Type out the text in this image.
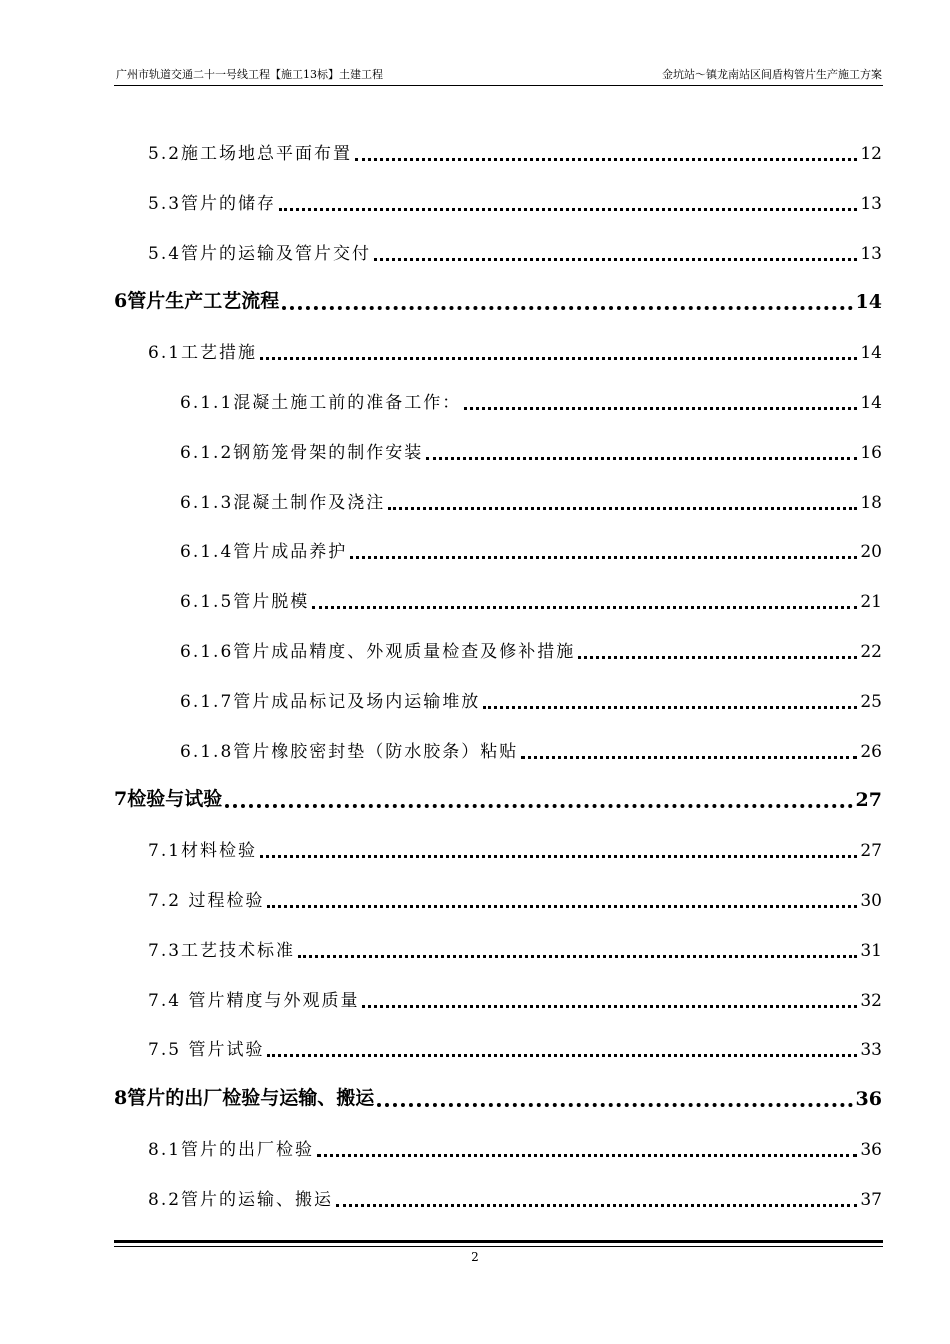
广州市轨道交通二十一号线工程【施工13标】土建工程	金坑站～镇龙南站区间盾构管片生产施工方案
5.2施工场地总平面布置	12
5.3管片的储存	13
5.4管片的运输及管片交付	13
6管片生产工艺流程	14
6.1工艺措施	14
6.1.1混凝土施工前的准备工作：	14
6.1.2钢筋笼骨架的制作安装	16
6.1.3混凝土制作及浇注	18
6.1.4管片成品养护	20
6.1.5管片脱模	21
6.1.6管片成品精度、外观质量检查及修补措施	22
6.1.7管片成品标记及场内运输堆放	25
6.1.8管片橡胶密封垫（防水胶条）粘贴	26
7检验与试验	27
7.1材料检验	27
7.2 过程检验	30
7.3工艺技术标准	31
7.4 管片精度与外观质量	32
7.5 管片试验	33
8管片的出厂检验与运输、搬运	36
8.1管片的出厂检验	36
8.2管片的运输、搬运	37
2
